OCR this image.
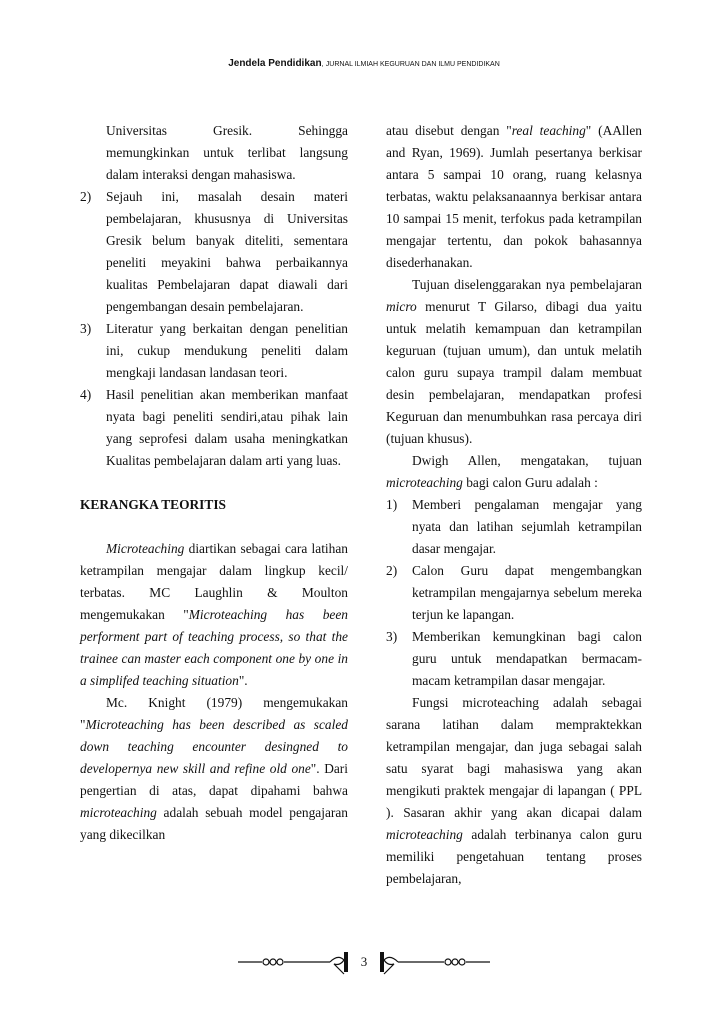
Jendela Pendidikan, JURNAL ILMIAH KEGURUAN DAN ILMU PENDIDIKAN

Universitas Gresik. Sehingga memungkinkan untuk terlibat langsung dalam interaksi dengan mahasiswa.

2) Sejauh ini, masalah desain materi pembelajaran, khususnya di Universitas Gresik belum banyak diteliti, sementara peneliti meyakini bahwa perbaikannya kualitas Pembelajaran dapat diawali dari pengembangan desain pembelajaran.

3) Literatur yang berkaitan dengan penelitian ini, cukup mendukung peneliti dalam mengkaji landasan landasan teori.

4) Hasil penelitian akan memberikan manfaat nyata bagi peneliti sendiri,atau pihak lain yang seprofesi dalam usaha meningkatkan Kualitas pembelajaran dalam arti yang luas.

KERANGKA TEORITIS

Microteaching diartikan sebagai cara latihan ketrampilan mengajar dalam lingkup kecil/ terbatas. MC Laughlin & Moulton mengemukakan "Microteaching has been performent part of teaching process, so that the trainee can master each component one by one in a simplifed teaching situation".

Mc. Knight (1979) mengemukakan "Microteaching has been described as scaled down teaching encounter desingned to developernya new skill and refine old one". Dari pengertian di atas, dapat dipahami bahwa microteaching adalah sebuah model pengajaran yang dikecilkan

atau disebut dengan "real teaching" (AAllen and Ryan, 1969). Jumlah pesertanya berkisar antara 5 sampai 10 orang, ruang kelasnya terbatas, waktu pelaksanaannya berkisar antara 10 sampai 15 menit, terfokus pada ketrampilan mengajar tertentu, dan pokok bahasannya disederhanakan.

Tujuan diselenggarakan nya pembelajaran micro menurut T Gilarso, dibagi dua yaitu untuk melatih kemampuan dan ketrampilan keguruan (tujuan umum), dan untuk melatih calon guru supaya trampil dalam membuat desin pembelajaran, mendapatkan profesi Keguruan dan menumbuhkan rasa percaya diri (tujuan khusus).

Dwigh Allen, mengatakan, tujuan microteaching bagi calon Guru adalah :

1) Memberi pengalaman mengajar yang nyata dan latihan sejumlah ketrampilan dasar mengajar.

2) Calon Guru dapat mengembangkan ketrampilan mengajarnya sebelum mereka terjun ke lapangan.

3) Memberikan kemungkinan bagi calon guru untuk mendapatkan bermacam-macam ketrampilan dasar mengajar.

Fungsi microteaching adalah sebagai sarana latihan dalam mempraktekkan ketrampilan mengajar, dan juga sebagai salah satu syarat bagi mahasiswa yang akan mengikuti praktek mengajar di lapangan ( PPL ). Sasaran akhir yang akan dicapai dalam microteaching adalah terbinanya calon guru memiliki pengetahuan tentang proses pembelajaran,

3
